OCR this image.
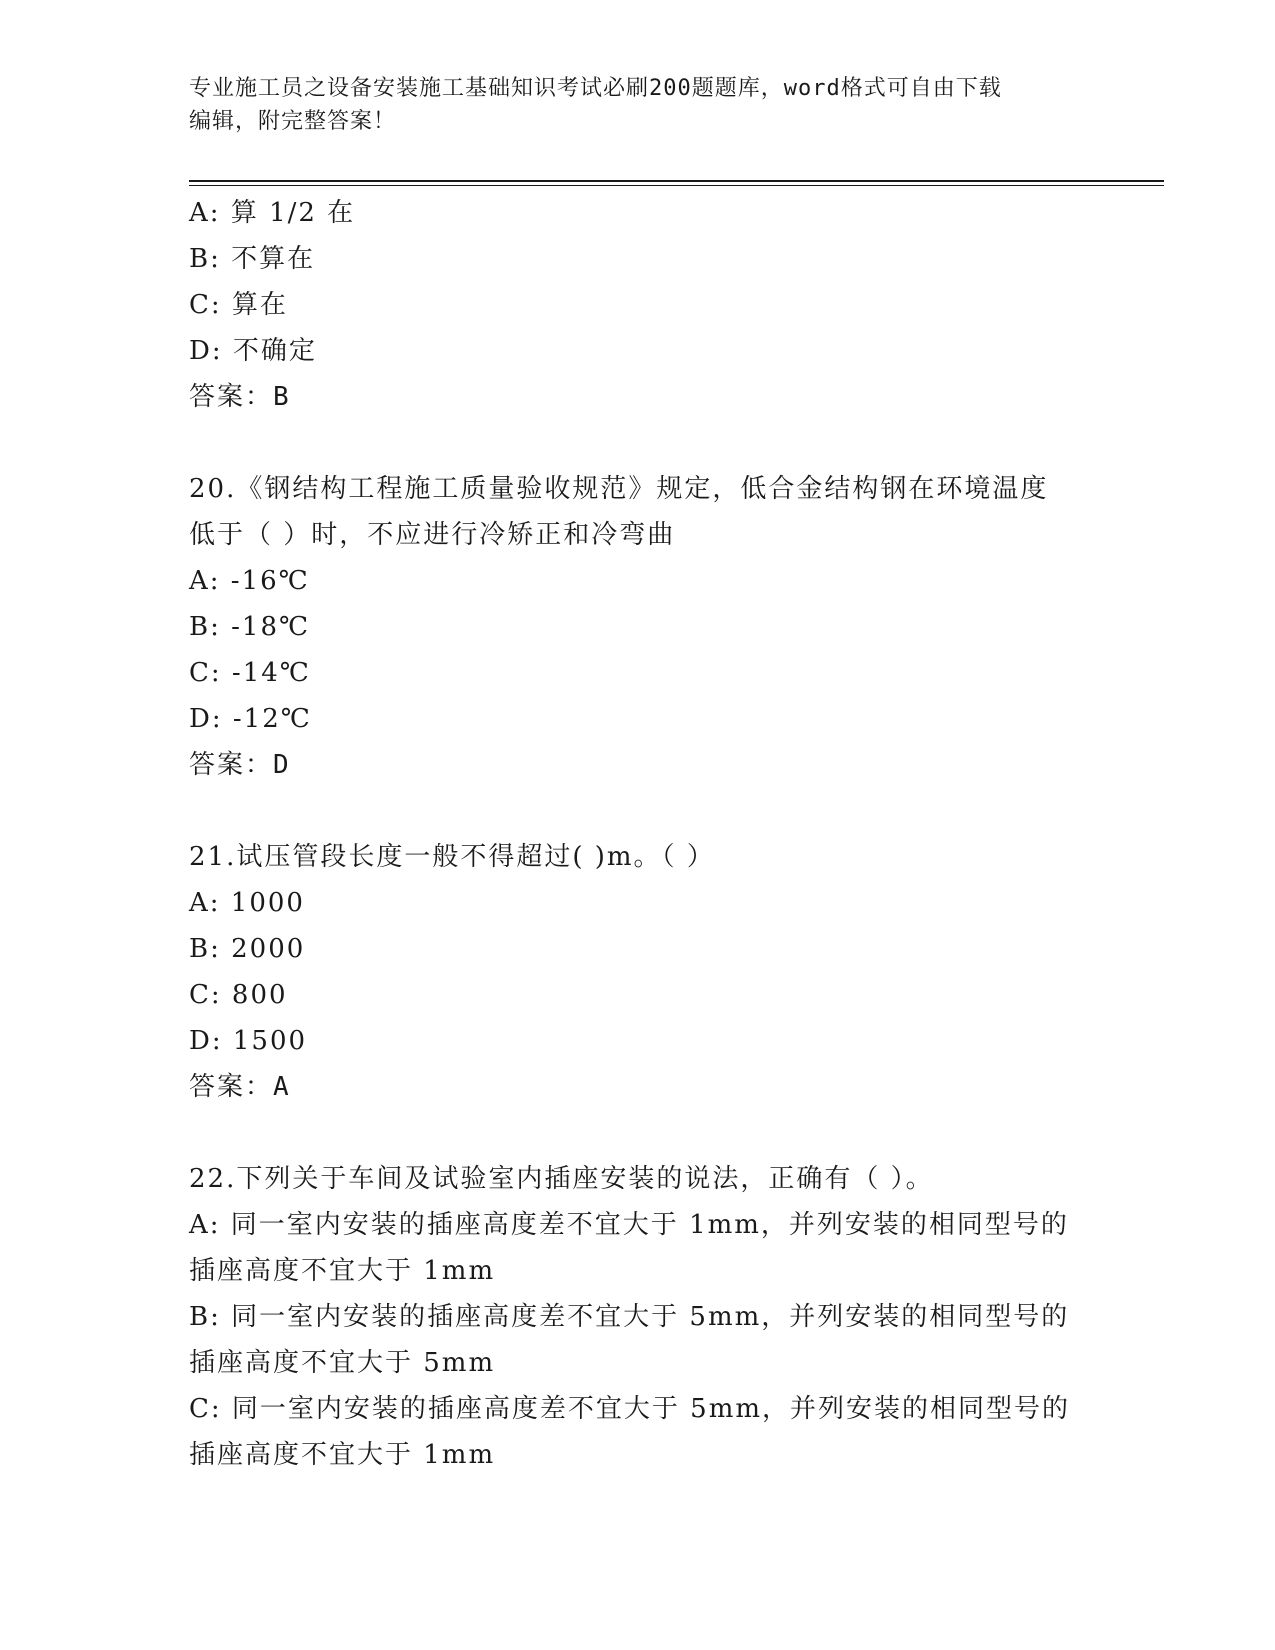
专业施工员之设备安装施工基础知识考试必刷200题题库，word格式可自由下载
编辑，附完整答案！
A: 算 1/2 在
B: 不算在
C: 算在
D: 不确定
答案：B
20.《钢结构工程施工质量验收规范》规定，低合金结构钢在环境温度
低于（ ）时，不应进行冷矫正和冷弯曲
A: -16℃
B: -18℃
C: -14℃
D: -12℃
答案：D
21.试压管段长度一般不得超过( )m。（ ）
A: 1000
B: 2000
C: 800
D: 1500
答案：A
22.下列关于车间及试验室内插座安装的说法，正确有（ ）。
A: 同一室内安装的插座高度差不宜大于 1mm，并列安装的相同型号的
插座高度不宜大于 1mm
B: 同一室内安装的插座高度差不宜大于 5mm，并列安装的相同型号的
插座高度不宜大于 5mm
C: 同一室内安装的插座高度差不宜大于 5mm，并列安装的相同型号的
插座高度不宜大于 1mm
